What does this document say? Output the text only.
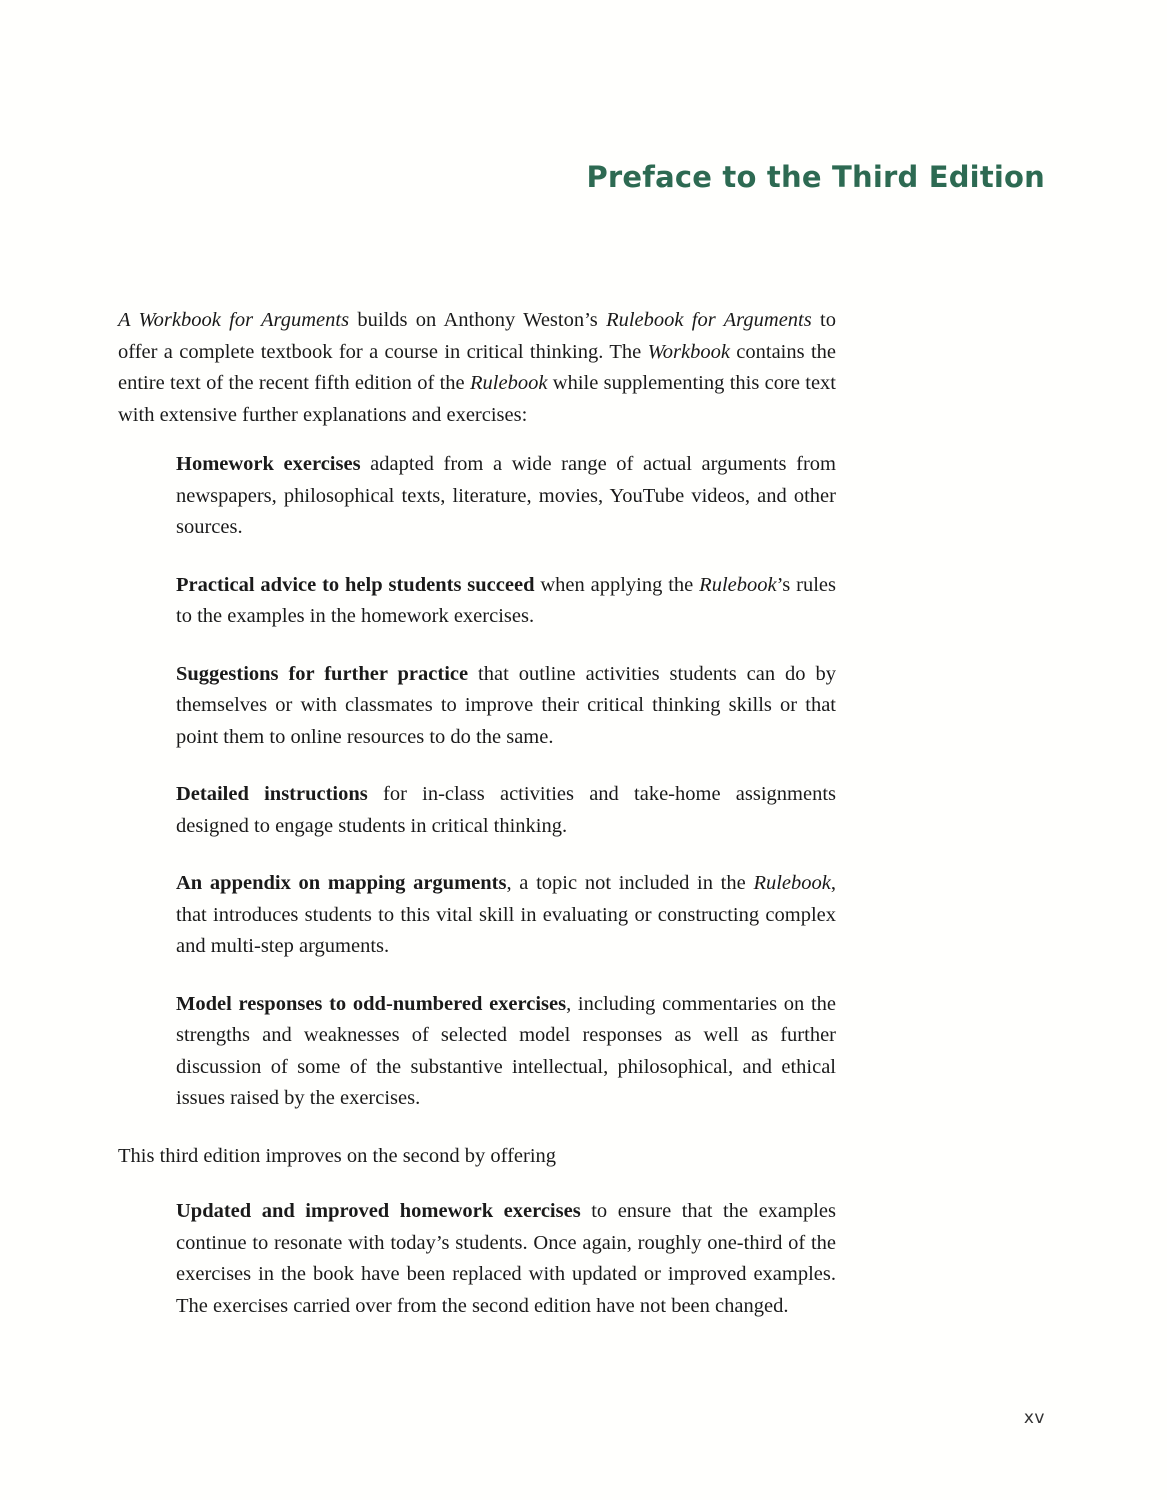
Preface to the Third Edition

A Workbook for Arguments builds on Anthony Weston’s Rulebook for Arguments to offer a complete textbook for a course in critical thinking. The Workbook contains the entire text of the recent fifth edition of the Rulebook while supplementing this core text with extensive further explanations and exercises:

Homework exercises adapted from a wide range of actual arguments from newspapers, philosophical texts, literature, movies, YouTube videos, and other sources.

Practical advice to help students succeed when applying the Rulebook’s rules to the examples in the homework exercises.

Suggestions for further practice that outline activities students can do by themselves or with classmates to improve their critical thinking skills or that point them to online resources to do the same.

Detailed instructions for in-class activities and take-home assignments designed to engage students in critical thinking.

An appendix on mapping arguments, a topic not included in the Rulebook, that introduces students to this vital skill in evaluating or constructing complex and multi-step arguments.

Model responses to odd-numbered exercises, including commentaries on the strengths and weaknesses of selected model responses as well as further discussion of some of the substantive intellectual, philosophical, and ethical issues raised by the exercises.

This third edition improves on the second by offering

Updated and improved homework exercises to ensure that the examples continue to resonate with today’s students. Once again, roughly one-third of the exercises in the book have been replaced with updated or improved examples. The exercises carried over from the second edition have not been changed.

xv
